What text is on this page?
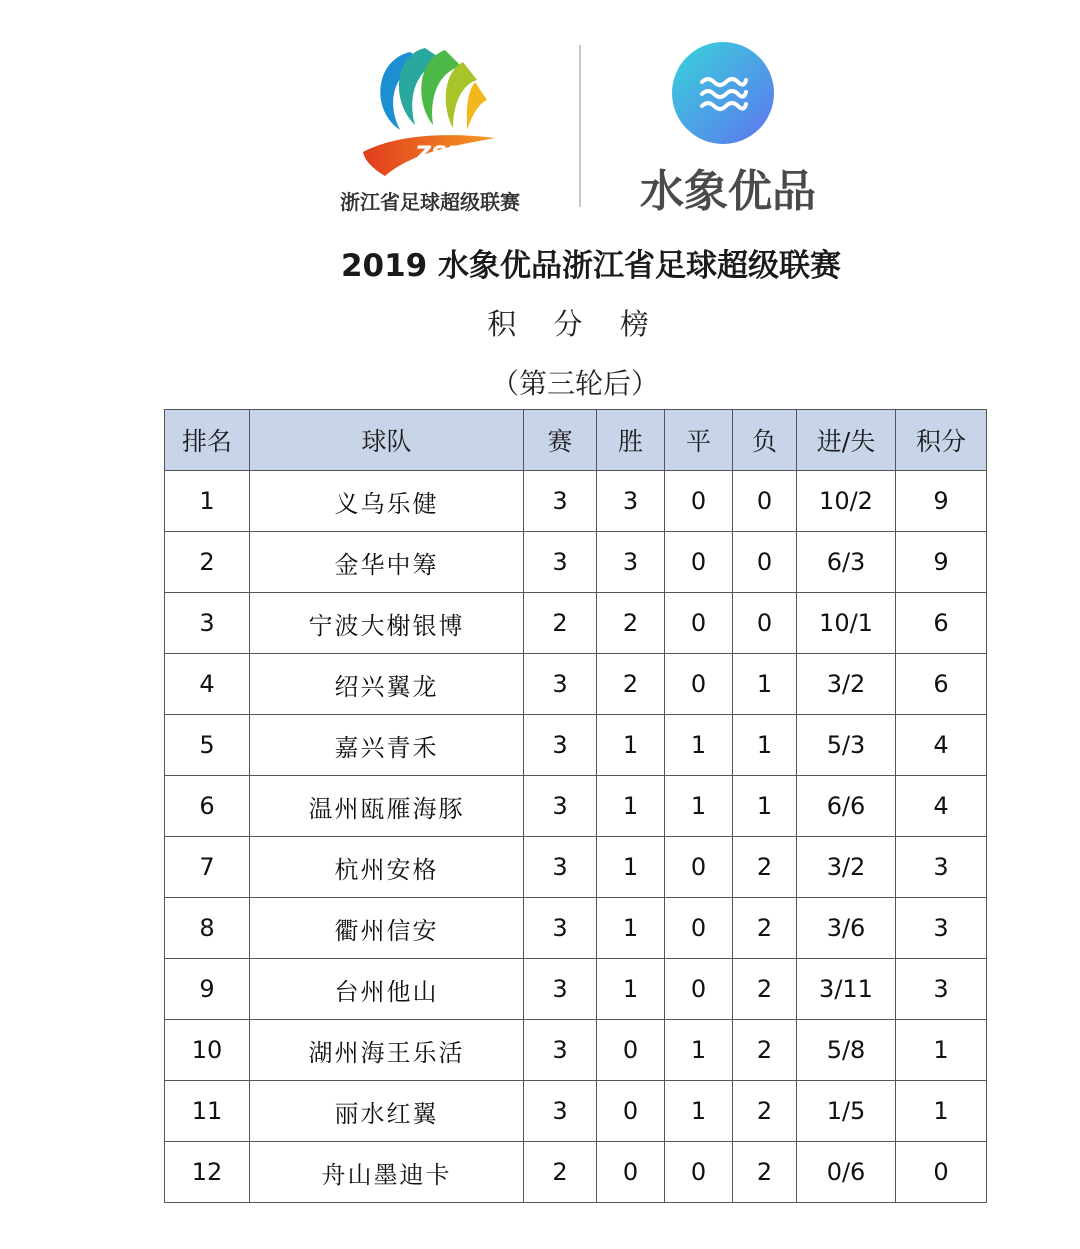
ZSL
浙江省足球超级联赛	水象优品
2019 水象优品浙江省足球超级联赛
积 分 榜
（第三轮后）
排名	球队	赛	胜	平	负	进/失	积分
1	义乌乐健	3	3	0	0	10/2	9
2	金华中筹	3	3	0	0	6/3	9
3	宁波大榭银博	2	2	0	0	10/1	6
4	绍兴翼龙	3	2	0	1	3/2	6
5	嘉兴青禾	3	1	1	1	5/3	4
6	温州瓯雁海豚	3	1	1	1	6/6	4
7	杭州安格	3	1	0	2	3/2	3
8	衢州信安	3	1	0	2	3/6	3
9	台州他山	3	1	0	2	3/11	3
10	湖州海王乐活	3	0	1	2	5/8	1
11	丽水红翼	3	0	1	2	1/5	1
12	舟山墨迪卡	2	0	0	2	0/6	0
